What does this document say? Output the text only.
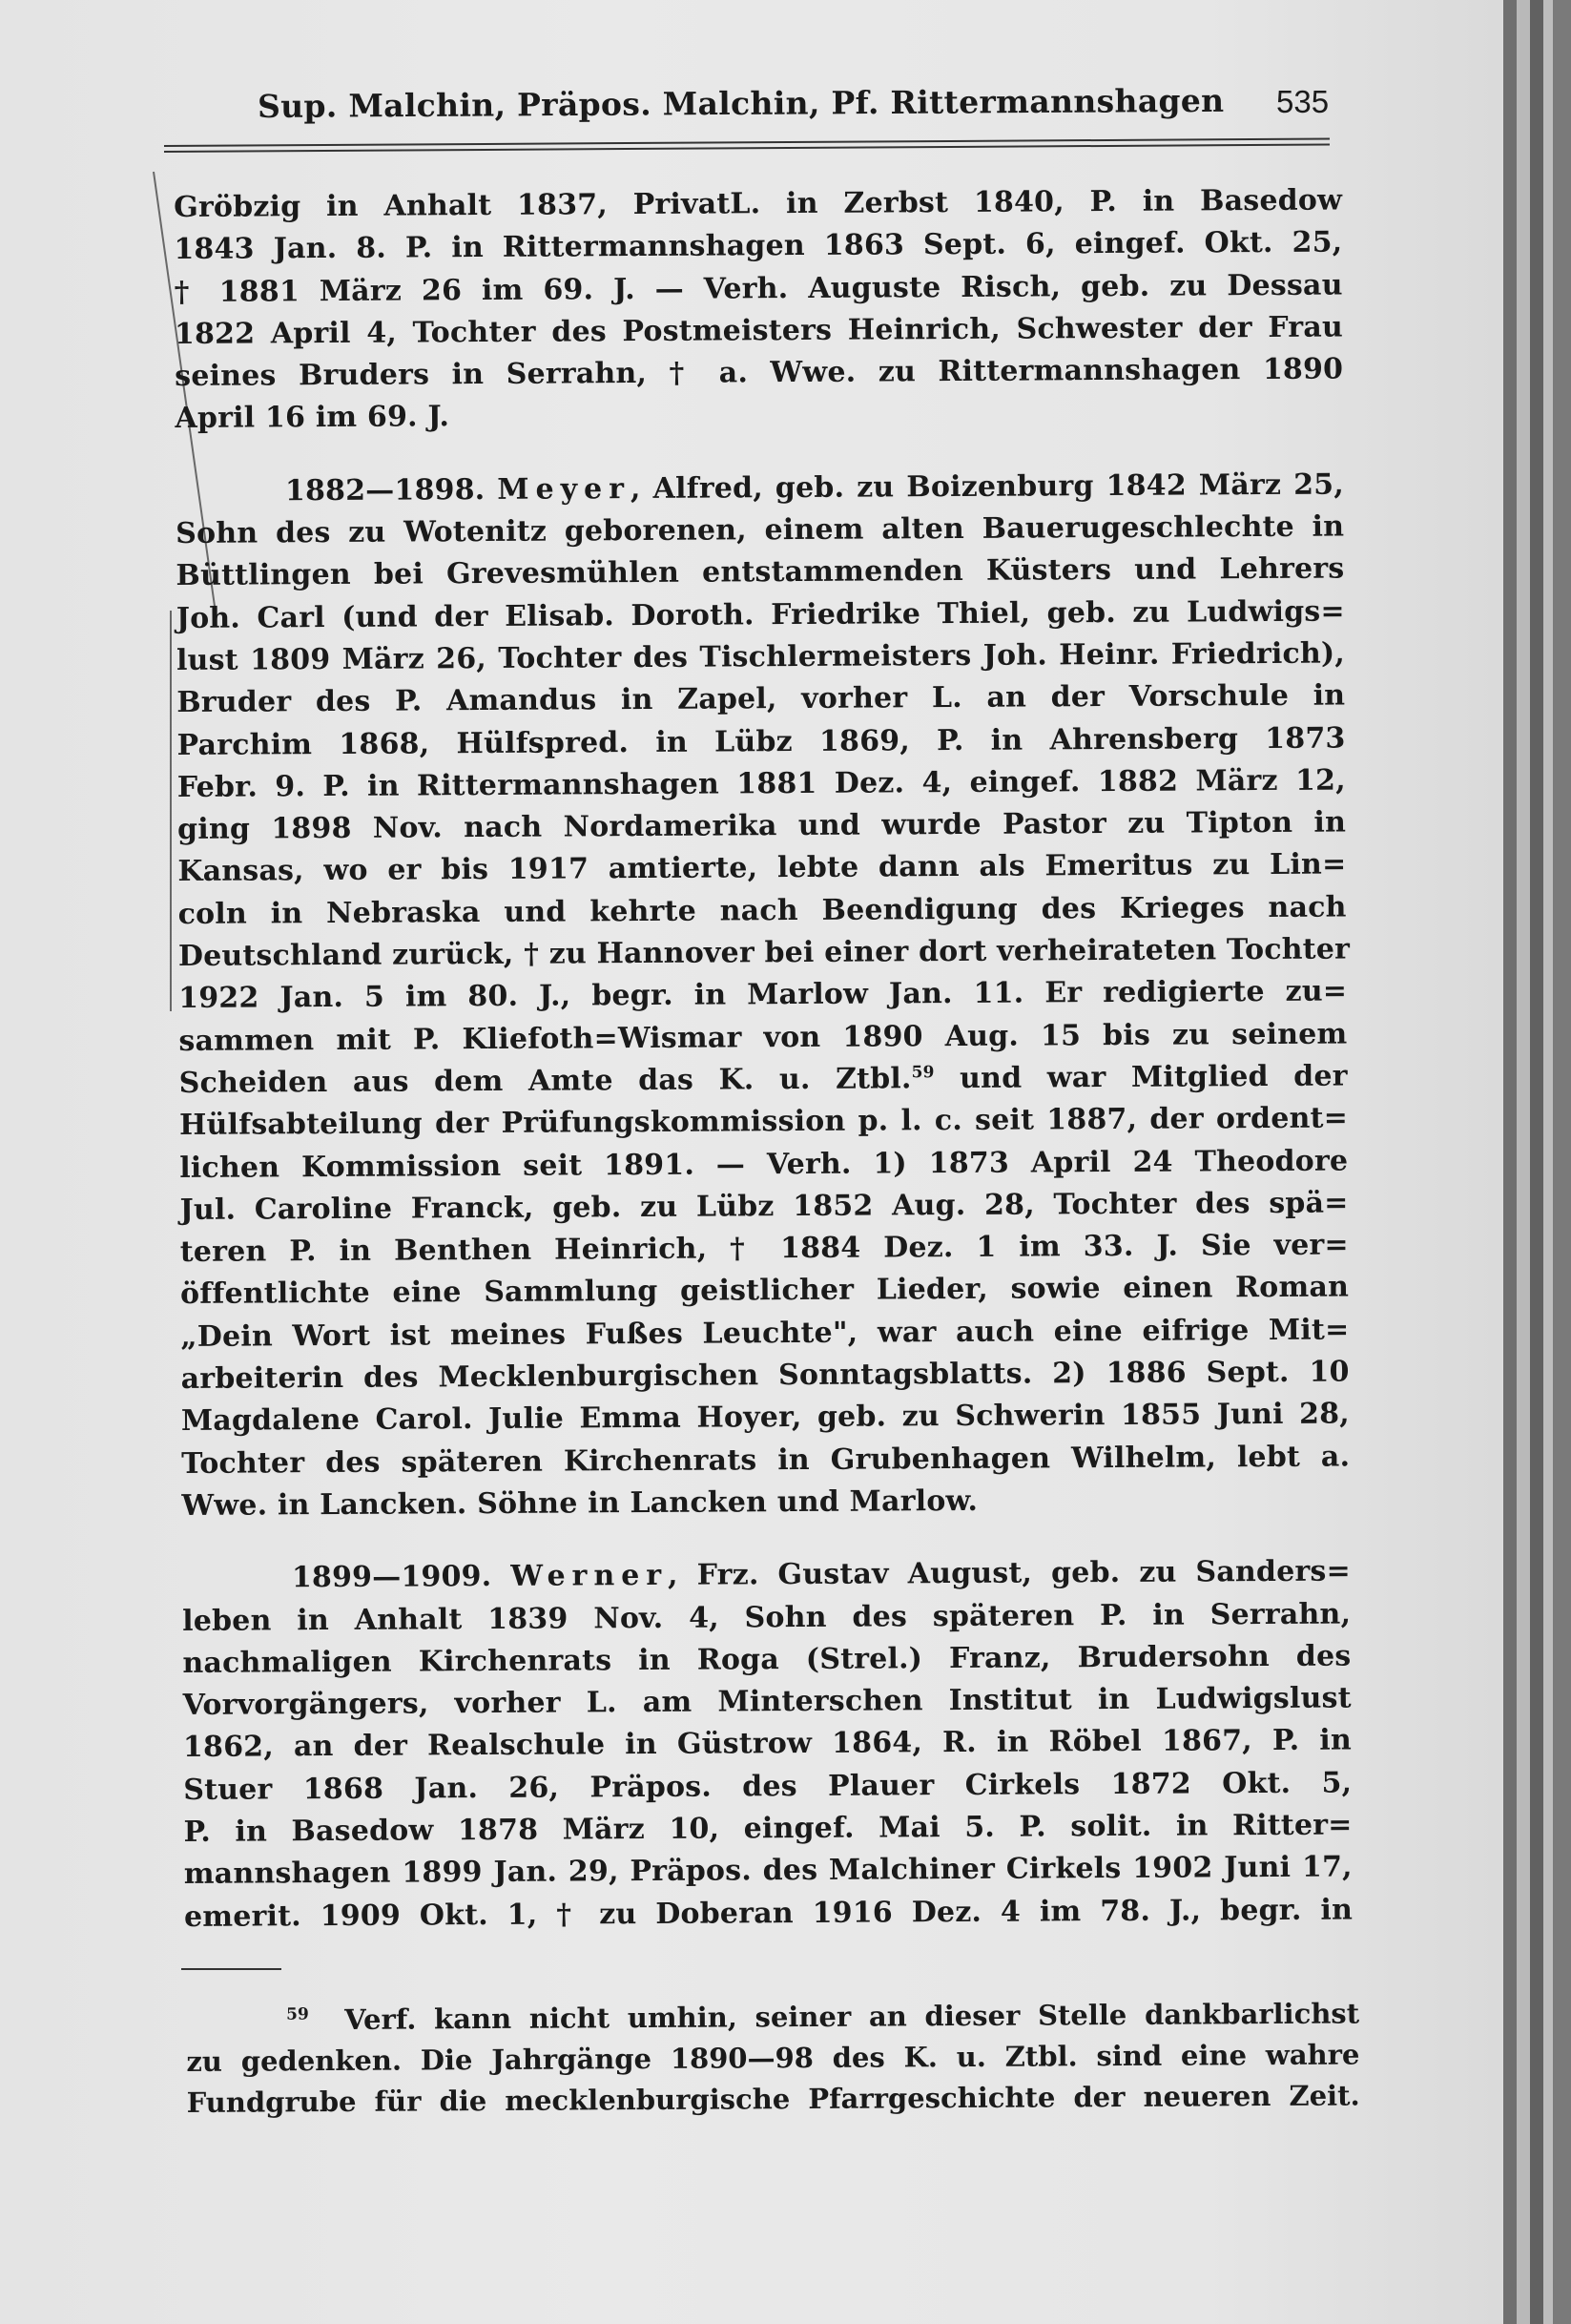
Sup. Malchin, Präpos. Malchin, Pf. Rittermannshagen	535
Gröbzig in Anhalt 1837, PrivatL. in Zerbst 1840, P. in Basedow
1843 Jan. 8. P. in Rittermannshagen 1863 Sept. 6, eingef. Okt. 25,
† 1881 März 26 im 69. J. — Verh. Auguste Risch, geb. zu Dessau
1822 April 4, Tochter des Postmeisters Heinrich, Schwester der Frau
seines Bruders in Serrahn, † a. Wwe. zu Rittermannshagen 1890
April 16 im 69. J.
1882—1898. Meyer, Alfred, geb. zu Boizenburg 1842 März 25,
Sohn des zu Wotenitz geborenen, einem alten Bauerugeschlechte in
Büttlingen bei Grevesmühlen entstammenden Küsters und Lehrers
Joh. Carl (und der Elisab. Doroth. Friedrike Thiel, geb. zu Ludwigs=
lust 1809 März 26, Tochter des Tischlermeisters Joh. Heinr. Friedrich),
Bruder des P. Amandus in Zapel, vorher L. an der Vorschule in
Parchim 1868, Hülfspred. in Lübz 1869, P. in Ahrensberg 1873
Febr. 9. P. in Rittermannshagen 1881 Dez. 4, eingef. 1882 März 12,
ging 1898 Nov. nach Nordamerika und wurde Pastor zu Tipton in
Kansas, wo er bis 1917 amtierte, lebte dann als Emeritus zu Lin=
coln in Nebraska und kehrte nach Beendigung des Krieges nach
Deutschland zurück, † zu Hannover bei einer dort verheirateten Tochter
1922 Jan. 5 im 80. J., begr. in Marlow Jan. 11. Er redigierte zu=
sammen mit P. Kliefoth=Wismar von 1890 Aug. 15 bis zu seinem
Scheiden aus dem Amte das K. u. Ztbl.$^{59}$ und war Mitglied der
Hülfsabteilung der Prüfungskommission p. l. c. seit 1887, der ordent=
lichen Kommission seit 1891. — Verh. 1) 1873 April 24 Theodore
Jul. Caroline Franck, geb. zu Lübz 1852 Aug. 28, Tochter des spä=
teren P. in Benthen Heinrich, † 1884 Dez. 1 im 33. J. Sie ver=
öffentlichte eine Sammlung geistlicher Lieder, sowie einen Roman
„Dein Wort ist meines Fußes Leuchte", war auch eine eifrige Mit=
arbeiterin des Mecklenburgischen Sonntagsblatts. 2) 1886 Sept. 10
Magdalene Carol. Julie Emma Hoyer, geb. zu Schwerin 1855 Juni 28,
Tochter des späteren Kirchenrats in Grubenhagen Wilhelm, lebt a.
Wwe. in Lancken. Söhne in Lancken und Marlow.
1899—1909. Werner, Frz. Gustav August, geb. zu Sanders=
leben in Anhalt 1839 Nov. 4, Sohn des späteren P. in Serrahn,
nachmaligen Kirchenrats in Roga (Strel.) Franz, Brudersohn des
Vorvorgängers, vorher L. am Minterschen Institut in Ludwigslust
1862, an der Realschule in Güstrow 1864, R. in Röbel 1867, P. in
Stuer 1868 Jan. 26, Präpos. des Plauer Cirkels 1872 Okt. 5,
P. in Basedow 1878 März 10, eingef. Mai 5. P. solit. in Ritter=
mannshagen 1899 Jan. 29, Präpos. des Malchiner Cirkels 1902 Juni 17,
emerit. 1909 Okt. 1, † zu Doberan 1916 Dez. 4 im 78. J., begr. in
$^{59}$ Verf. kann nicht umhin, seiner an dieser Stelle dankbarlichst
zu gedenken. Die Jahrgänge 1890—98 des K. u. Ztbl. sind eine wahre
Fundgrube für die mecklenburgische Pfarrgeschichte der neueren Zeit.
